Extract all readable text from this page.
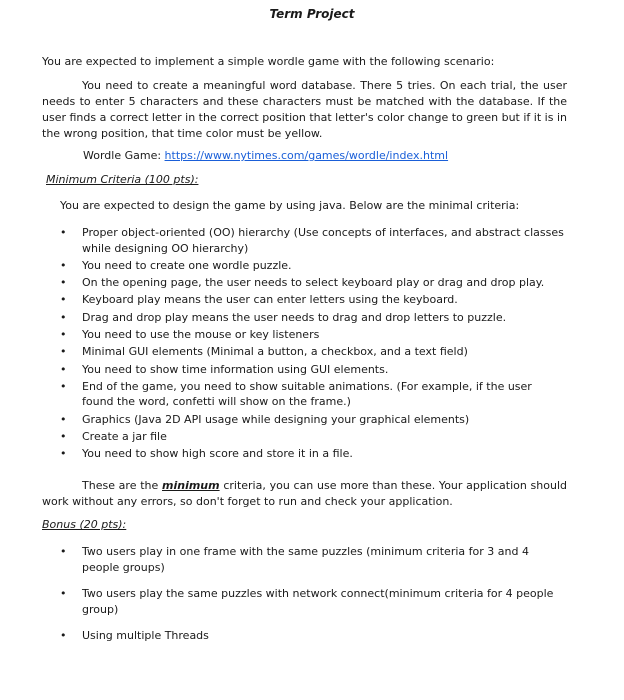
Term Project

You are expected to implement a simple wordle game with the following scenario:

You need to create a meaningful word database. There 5 tries. On each trial, the user needs to enter 5 characters and these characters must be matched with the database. If the user finds a correct letter in the correct position that letter's color change to green but if it is in the wrong position, that time color must be yellow.

Wordle Game: https://www.nytimes.com/games/wordle/index.html

Minimum Criteria (100 pts):

You are expected to design the game by using java. Below are the minimal criteria:

•	Proper object-oriented (OO) hierarchy (Use concepts of interfaces, and abstract classes while designing OO hierarchy)
•	You need to create one wordle puzzle.
•	On the opening page, the user needs to select keyboard play or drag and drop play.
•	Keyboard play means the user can enter letters using the keyboard.
•	Drag and drop play means the user needs to drag and drop letters to puzzle.
•	You need to use the mouse or key listeners
•	Minimal GUI elements (Minimal a button, a checkbox, and a text field)
•	You need to show time information using GUI elements.
•	End of the game, you need to show suitable animations. (For example, if the user found the word, confetti will show on the frame.)
•	Graphics (Java 2D API usage while designing your graphical elements)
•	Create a jar file
•	You need to show high score and store it in a file.

These are the minimum criteria, you can use more than these. Your application should work without any errors, so don't forget to run and check your application.

Bonus (20 pts):

•	Two users play in one frame with the same puzzles (minimum criteria for 3 and 4 people groups)
•	Two users play the same puzzles with network connect(minimum criteria for 4 people group)
•	Using multiple Threads
